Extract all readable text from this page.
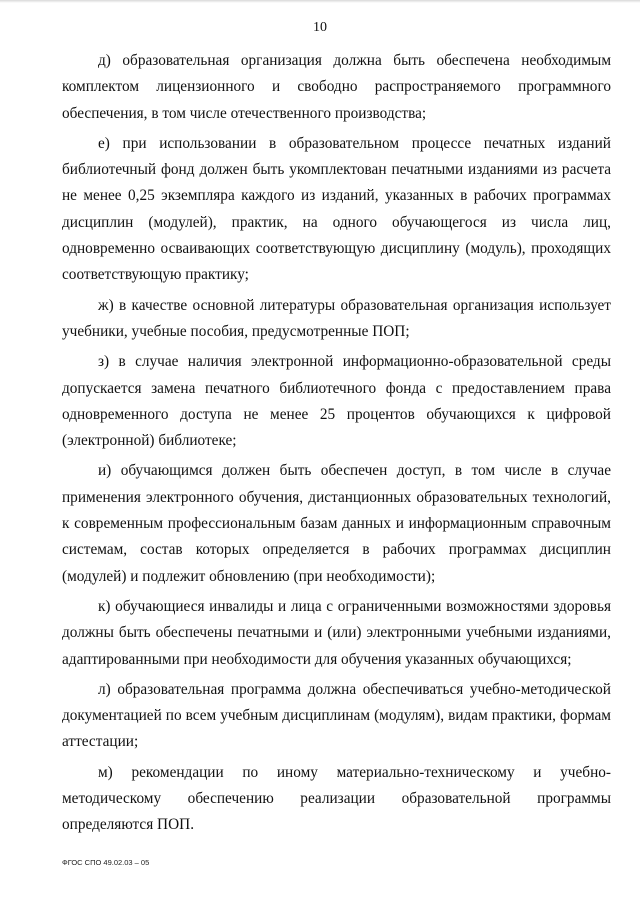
10

д) образовательная организация должна быть обеспечена необходимым комплектом лицензионного и свободно распространяемого программного обеспечения, в том числе отечественного производства;

е) при использовании в образовательном процессе печатных изданий библиотечный фонд должен быть укомплектован печатными изданиями из расчета не менее 0,25 экземпляра каждого из изданий, указанных в рабочих программах дисциплин (модулей), практик, на одного обучающегося из числа лиц, одновременно осваивающих соответствующую дисциплину (модуль), проходящих соответствующую практику;

ж) в качестве основной литературы образовательная организация использует учебники, учебные пособия, предусмотренные ПОП;

з) в случае наличия электронной информационно-образовательной среды допускается замена печатного библиотечного фонда с предоставлением права одновременного доступа не менее 25 процентов обучающихся к цифровой (электронной) библиотеке;

и) обучающимся должен быть обеспечен доступ, в том числе в случае применения электронного обучения, дистанционных образовательных технологий, к современным профессиональным базам данных и информационным справочным системам, состав которых определяется в рабочих программах дисциплин (модулей) и подлежит обновлению (при необходимости);

к) обучающиеся инвалиды и лица с ограниченными возможностями здоровья должны быть обеспечены печатными и (или) электронными учебными изданиями, адаптированными при необходимости для обучения указанных обучающихся;

л) образовательная программа должна обеспечиваться учебно-методической документацией по всем учебным дисциплинам (модулям), видам практики, формам аттестации;

м) рекомендации по иному материально-техническому и учебно-методическому обеспечению реализации образовательной программы определяются ПОП.

ФГОС СПО 49.02.03 – 05
